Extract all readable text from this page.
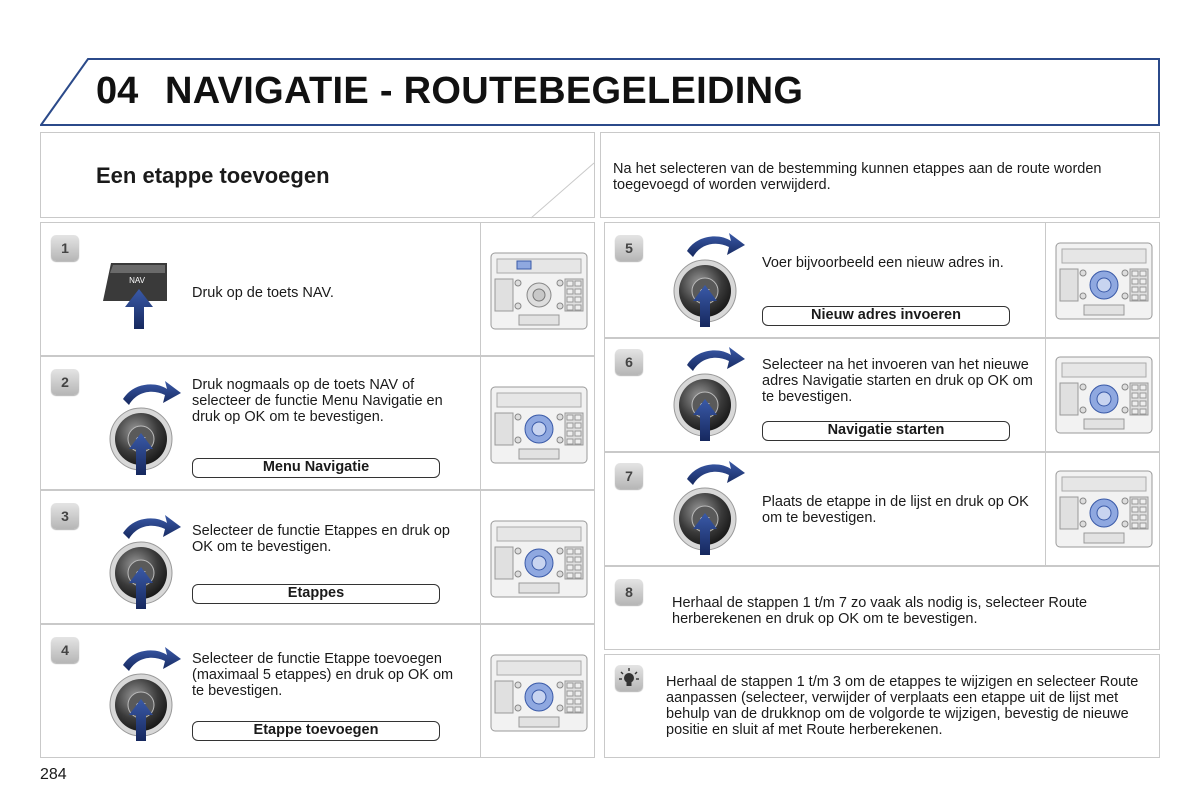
04 NAVIGATIE - ROUTEBEGELEIDING
Een etappe toevoegen	Na het selecteren van de bestemming kunnen etappes aan de route worden toegevoegd of worden verwijderd.
1
NAV
Druk op de toets NAV.
2	Druk nogmaals op de toets NAV of selecteer de functie Menu Navigatie en druk op OK om te bevestigen.
Menu Navigatie
3
Selecteer de functie Etappes en druk op OK om te bevestigen.
Etappes
4
Selecteer de functie Etappe toevoegen (maximaal 5 etappes) en druk op OK om te bevestigen.
Etappe toevoegen
5
Voer bijvoorbeeld een nieuw adres in.
Nieuw adres invoeren
6	Selecteer na het invoeren van het nieuwe adres Navigatie starten en druk op OK om te bevestigen.
Navigatie starten
7
Plaats de etappe in de lijst en druk op OK om te bevestigen.
8
Herhaal de stappen 1 t/m 7 zo vaak als nodig is, selecteer Route herberekenen en druk op OK om te bevestigen.
Herhaal de stappen 1 t/m 3 om de etappes te wijzigen en selecteer Route aanpassen (selecteer, verwijder of verplaats een etappe uit de lijst met behulp van de drukknop om de volgorde te wijzigen, bevestig de nieuwe positie en sluit af met Route herberekenen.
284
